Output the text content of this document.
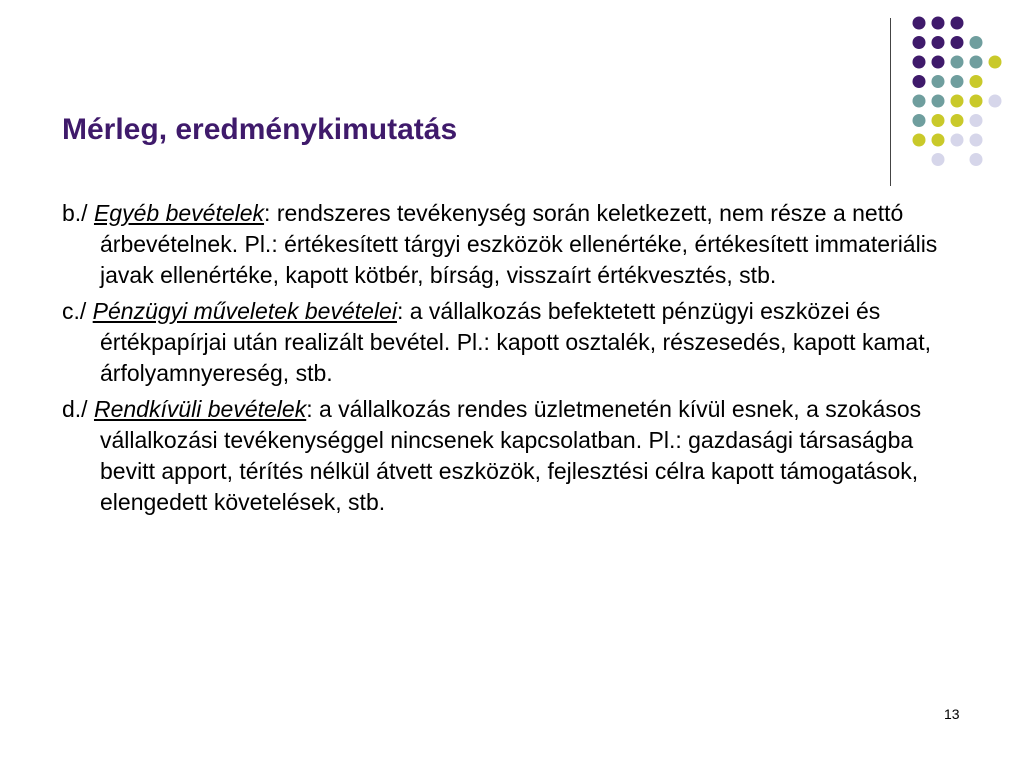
Mérleg, eredménykimutatás

b./ Egyéb bevételek: rendszeres tevékenység során keletkezett, nem része a nettó árbevételnek. Pl.: értékesített tárgyi eszközök ellenértéke, értékesített immateriális javak ellenértéke, kapott kötbér, bírság, visszaírt értékvesztés, stb.

c./ Pénzügyi műveletek bevételei: a vállalkozás befektetett pénzügyi eszközei és értékpapírjai után realizált bevétel. Pl.: kapott osztalék, részesedés, kapott kamat, árfolyamnyereség, stb.

d./ Rendkívüli bevételek: a vállalkozás rendes üzletmenetén kívül esnek, a szokásos vállalkozási tevékenységgel nincsenek kapcsolatban. Pl.: gazdasági társaságba bevitt apport, térítés nélkül átvett eszközök, fejlesztési célra kapott támogatások, elengedett követelések, stb.

13
